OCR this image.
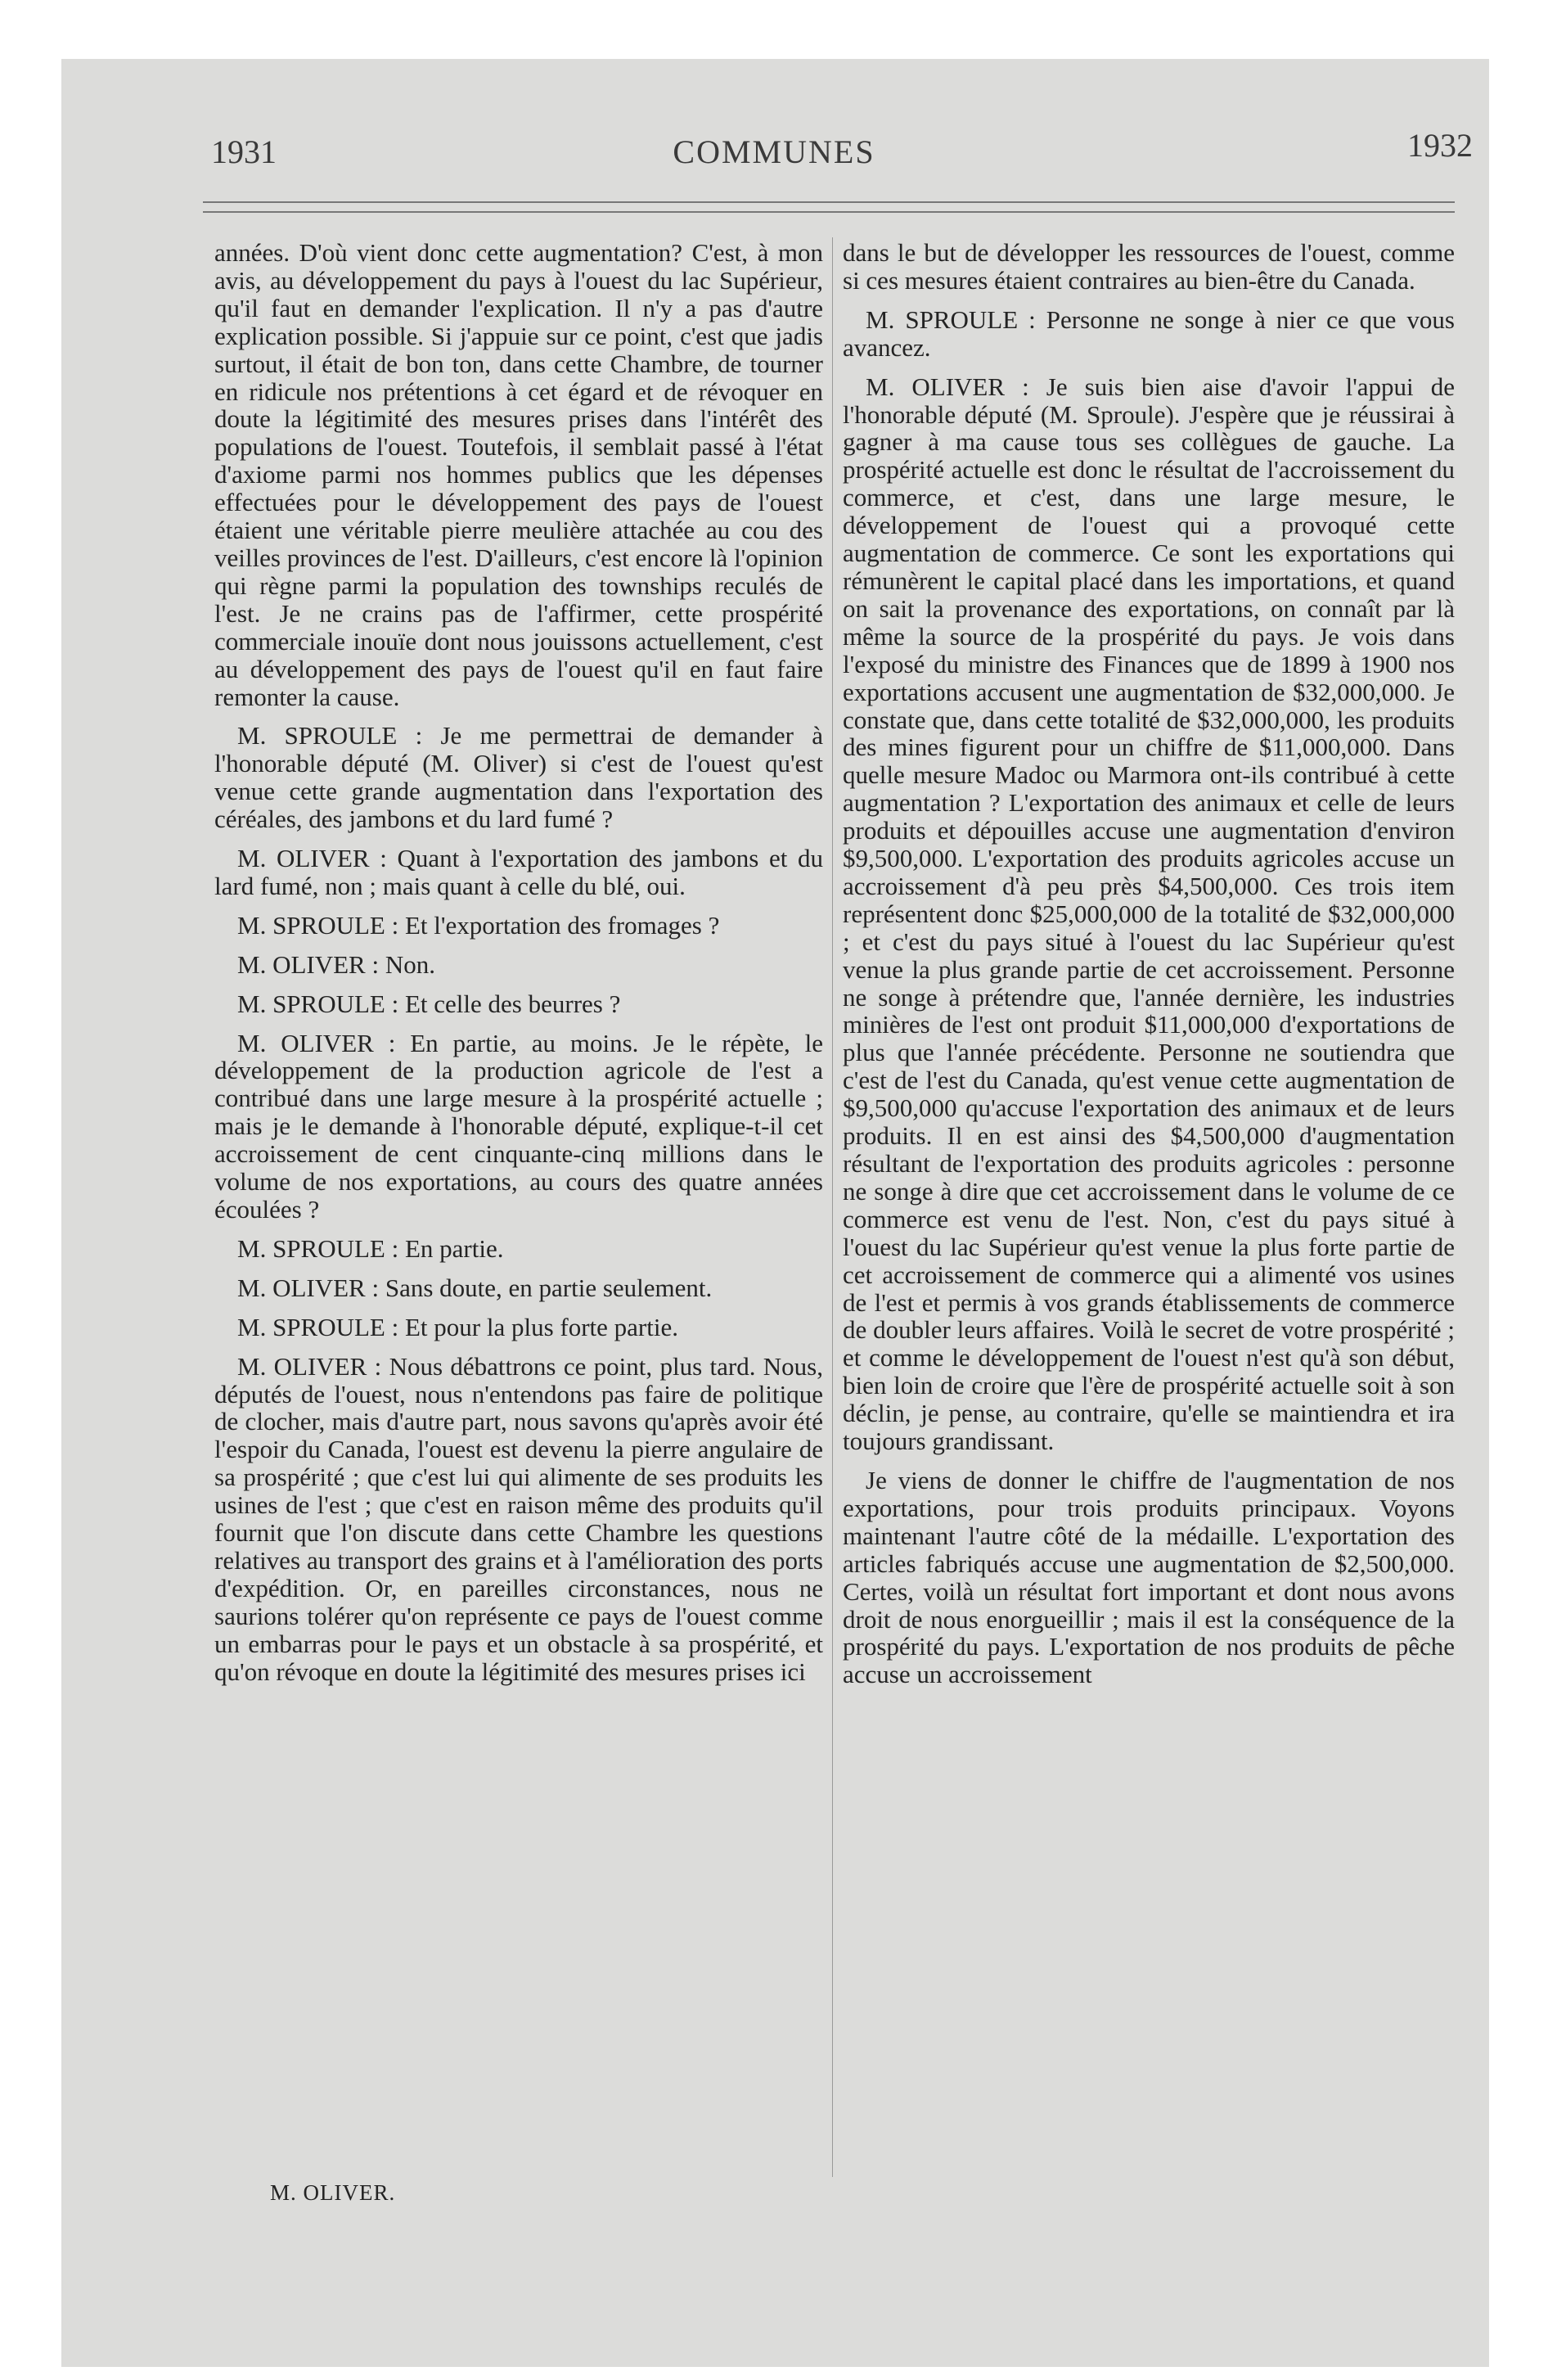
COMMUNES
1931	1932

années. D'où vient donc cette augmentation? C'est, à mon avis, au développement du pays à l'ouest du lac Supérieur, qu'il faut en demander l'explication. Il n'y a pas d'autre explication possible. Si j'appuie sur ce point, c'est que jadis surtout, il était de bon ton, dans cette Chambre, de tourner en ridicule nos prétentions à cet égard et de révoquer en doute la légitimité des mesures prises dans l'intérêt des populations de l'ouest. Toutefois, il semblait passé à l'état d'axiome parmi nos hommes publics que les dépenses effectuées pour le développement des pays de l'ouest étaient une véritable pierre meulière attachée au cou des veilles provinces de l'est. D'ailleurs, c'est encore là l'opinion qui règne parmi la population des townships reculés de l'est. Je ne crains pas de l'affirmer, cette prospérité commerciale inouïe dont nous jouissons actuellement, c'est au développement des pays de l'ouest qu'il en faut faire remonter la cause.

M. SPROULE : Je me permettrai de demander à l'honorable député (M. Oliver) si c'est de l'ouest qu'est venue cette grande augmentation dans l'exportation des céréales, des jambons et du lard fumé ?

M. OLIVER : Quant à l'exportation des jambons et du lard fumé, non ; mais quant à celle du blé, oui.

M. SPROULE : Et l'exportation des fromages ?

M. OLIVER : Non.

M. SPROULE : Et celle des beurres ?

M. OLIVER : En partie, au moins. Je le répète, le développement de la production agricole de l'est a contribué dans une large mesure à la prospérité actuelle ; mais je le demande à l'honorable député, explique-t-il cet accroissement de cent cinquante-cinq millions dans le volume de nos exportations, au cours des quatre années écoulées ?

M. SPROULE : En partie.

M. OLIVER : Sans doute, en partie seulement.

M. SPROULE : Et pour la plus forte partie.

M. OLIVER : Nous débattrons ce point, plus tard. Nous, députés de l'ouest, nous n'entendons pas faire de politique de clocher, mais d'autre part, nous savons qu'après avoir été l'espoir du Canada, l'ouest est devenu la pierre angulaire de sa prospérité ; que c'est lui qui alimente de ses produits les usines de l'est ; que c'est en raison même des produits qu'il fournit que l'on discute dans cette Chambre les questions relatives au transport des grains et à l'amélioration des ports d'expédition. Or, en pareilles circonstances, nous ne saurions tolérer qu'on représente ce pays de l'ouest comme un embarras pour le pays et un obstacle à sa prospérité, et qu'on révoque en doute la légitimité des mesures prises ici

dans le but de développer les ressources de l'ouest, comme si ces mesures étaient contraires au bien-être du Canada.

M. SPROULE : Personne ne songe à nier ce que vous avancez.

M. OLIVER : Je suis bien aise d'avoir l'appui de l'honorable député (M. Sproule). J'espère que je réussirai à gagner à ma cause tous ses collègues de gauche. La prospérité actuelle est donc le résultat de l'accroissement du commerce, et c'est, dans une large mesure, le développement de l'ouest qui a provoqué cette augmentation de commerce. Ce sont les exportations qui rémunèrent le capital placé dans les importations, et quand on sait la provenance des exportations, on connaît par là même la source de la prospérité du pays. Je vois dans l'exposé du ministre des Finances que de 1899 à 1900 nos exportations accusent une augmentation de $32,000,000. Je constate que, dans cette totalité de $32,000,000, les produits des mines figurent pour un chiffre de $11,000,000. Dans quelle mesure Madoc ou Marmora ont-ils contribué à cette augmentation ? L'exportation des animaux et celle de leurs produits et dépouilles accuse une augmentation d'environ $9,500,000. L'exportation des produits agricoles accuse un accroissement d'à peu près $4,500,000. Ces trois item représentent donc $25,000,000 de la totalité de $32,000,000 ; et c'est du pays situé à l'ouest du lac Supérieur qu'est venue la plus grande partie de cet accroissement. Personne ne songe à prétendre que, l'année dernière, les industries minières de l'est ont produit $11,000,000 d'exportations de plus que l'année précédente. Personne ne soutiendra que c'est de l'est du Canada, qu'est venue cette augmentation de $9,500,000 qu'accuse l'exportation des animaux et de leurs produits. Il en est ainsi des $4,500,000 d'augmentation résultant de l'exportation des produits agricoles : personne ne songe à dire que cet accroissement dans le volume de ce commerce est venu de l'est. Non, c'est du pays situé à l'ouest du lac Supérieur qu'est venue la plus forte partie de cet accroissement de commerce qui a alimenté vos usines de l'est et permis à vos grands établissements de commerce de doubler leurs affaires. Voilà le secret de votre prospérité ; et comme le développement de l'ouest n'est qu'à son début, bien loin de croire que l'ère de prospérité actuelle soit à son déclin, je pense, au contraire, qu'elle se maintiendra et ira toujours grandissant.

Je viens de donner le chiffre de l'augmentation de nos exportations, pour trois produits principaux. Voyons maintenant l'autre côté de la médaille. L'exportation des articles fabriqués accuse une augmentation de $2,500,000. Certes, voilà un résultat fort important et dont nous avons droit de nous enorgueillir ; mais il est la conséquence de la prospérité du pays. L'exportation de nos produits de pêche accuse un accroissement

M. OLIVER.
